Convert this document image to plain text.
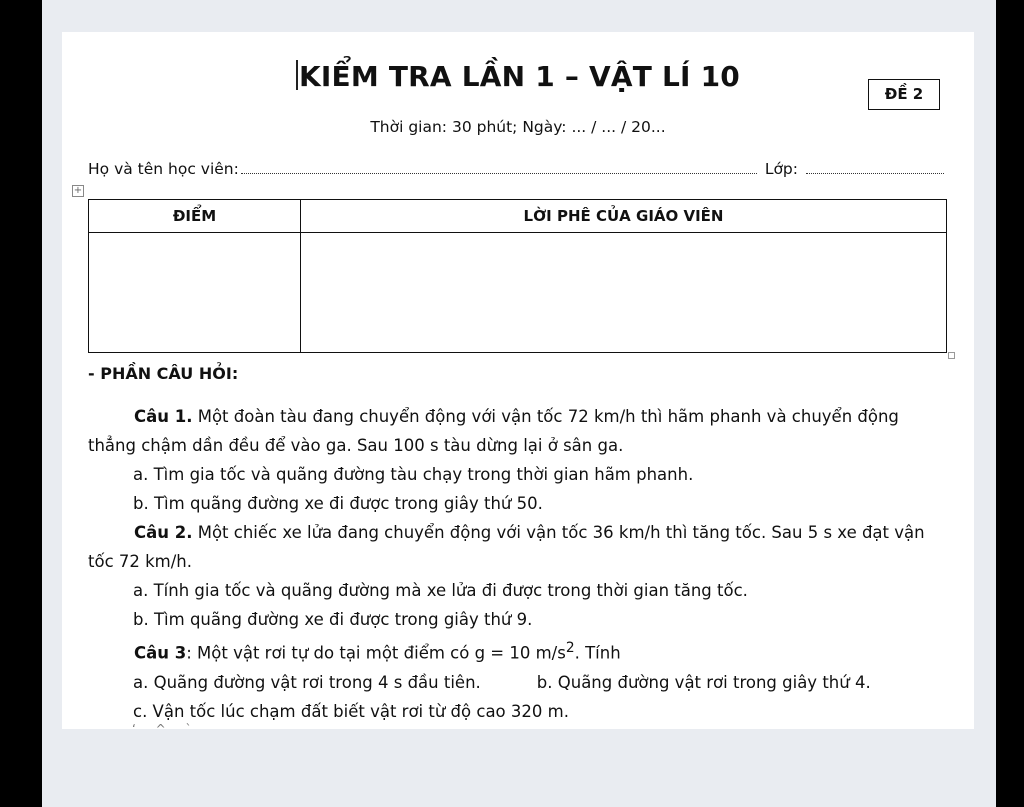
KIỂM TRA LẦN 1 – VẬT LÍ 10
ĐỀ 2
Thời gian: 30 phút; Ngày: ... / ... / 20...
Họ và tên học viên:	Lớp:
+
ĐIỂM	LỜI PHÊ CỦA GIÁO VIÊN

- PHẦN CÂU HỎI:

Câu 1. Một đoàn tàu đang chuyển động với vận tốc 72 km/h thì hãm phanh và chuyển động thẳng chậm dần đều để vào ga. Sau 100 s tàu dừng lại ở sân ga.

a. Tìm gia tốc và quãng đường tàu chạy trong thời gian hãm phanh.

b. Tìm quãng đường xe đi được trong giây thứ 50.

Câu 2. Một chiếc xe lửa đang chuyển động với vận tốc 36 km/h thì tăng tốc. Sau 5 s xe đạt vận tốc 72 km/h.

a. Tính gia tốc và quãng đường mà xe lửa đi được trong thời gian tăng tốc.

b. Tìm quãng đường xe đi được trong giây thứ 9.

Câu 3: Một vật rơi tự do tại một điểm có g = 10 $m/s^2$. Tính

a. Quãng đường vật rơi trong 4 s đầu tiên.	b. Quãng đường vật rơi trong giây thứ 4.

c. Vận tốc lúc chạm đất biết vật rơi từ độ cao 320 m.

‘ ^ `
